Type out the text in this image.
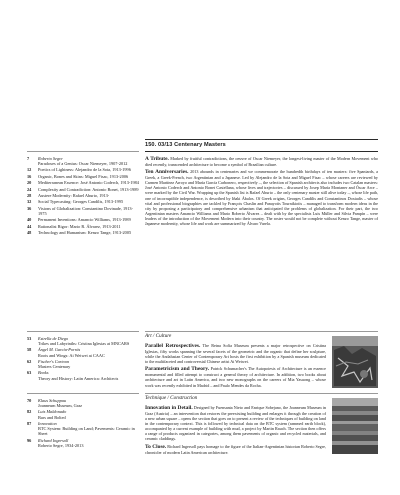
150. 03/13 Centenary Masters
7	Roberto Segre
Paradoxes of a Genius: Oscar Niemeyer, 1907-2012
12	Poetics of Lightness: Alejandro de la Sota, 1913-1996
16	Organic, Bones and Skins: Miguel Fisac, 1913-2006
20	Mediterranean Essence: José Antonio Coderch, 1913-1984
24	Complexity and Contradiction: Antonio Bonet, 1913-1989
28	Austere Modernity: Rafael Aburto, 1913-
32	Social Typecasting: Georges Candilis, 1913-1995
36	Visions of Globalization: Constantino Dovinade, 1913-1975
40	Permanent Inventions: Amancio Williams, 1913-1989
44	Rationalist Rigor: Mario R. Álvarez, 1913-2011
48	Technology and Humanism: Kenzo Tange, 1913-2005
53	Estrella de Diego
Trikes and Labyrinths: Cristina Iglesias at MNCARS
58	Ángel M. García-Porrás
Roots and Wings: Ai Weiwei at CAAC
62	Fischer's Cartoon
Masters Centenary
63	Books
Theory and History: Latin America: Architects
70	Klaus Schuppau
Joanneum Museum, Graz
82	Luis Maldonado
Bars and Bolted
87	Innovation
BTC System: Building on Land; Pavements: Ceramic in Sheet
96	Richard Ingersoll
Roberto Segre, 1934-2013

A Tribute. Marked by fruitful contradictions, the oeuvre of Oscar Niemeyer, the longest-living master of the Modern Movement who died recently, transcended architecture to become a symbol of Brazilian culture.

Ten Anniversaries. 2013 abounds in centenaries and we commemorate the hundredth birthdays of ten masters: five Spaniards, a Greek, a Greek-French, two Argentinian and a Japanese. Led by Alejandro de la Sota and Miguel Fisac – whose careers are reviewed by Carmen Martínez Arroyo and María García Carbonero, respectively –, the selection of Spanish architects also includes two Catalan masters: José Antonio Coderch and Antonio Bonet Castellana, whose lives and trajectories – discussed by Josep María Montaner and Óscar Arce – were marked by the Civil War. Wrapping up the Spanish list is Rafael Aburto – the only centenary master still alive today –, whose life path, one of incorruptible independence, is described by Iñaki Ábalos. Of Greek origins, Georges Candilis and Constantinos Doxiadis – whose vital and professional biographies are tackled by François Chaslin and Panayotis Tournikiotis – managed to transform modern ideas in the city by proposing a participatory and comprehensive urbanism that anticipated the problems of globalization. For their part, the two Argentinian masters Amancio Williams and Mario Roberto Álvarez – dealt with by the specialists Luis Müller and Silvia Pampín – were leaders of the introduction of the Movement Modern into their country. The roster would not be complete without Kenzo Tange, master of Japanese modernity, whose life and work are summarized by Álvaro Varela.

Art / Culture

Parallel Retrospectives. The Reina Sofía Museum presents a major retrospective on Cristina Iglesias, fifty works spanning the several facets of the geometric and the organic that define her sculpture, while the Andalusian Center of Contemporary Art hosts the first exhibition by a Spanish museum dedicated to the multifaceted and controversial Chinese artist Ai Weiwei.

Parametricism and Theory. Patrick Schumacher's The Autopoiesis of Architecture is an essence monumental and filled attempt to construct a general theory of architecture. In addition, two books about architecture and art in Latin America, and two new monographs on the careers of Mia Yasuong – whose work was recently exhibited in Madrid – and Paulo Mendes da Rocha.

Technique / Construction

Innovation in Detail. Designed by Fuensanta Nieto and Enrique Sobejano, the Joanneum Museum in Graz (Austria) – an intervention that restores the preexisting building and enlarges it through the creation of a new urban square – opens the section that goes on to present a review of the techniques of building on land in the contemporary context. This is followed by technical data on the BTC system (rammed earth block), accompanied by a current example of building with mud, a project by Martin Rauch. The section then offers a range of products organized in categories, among them pavements of organic and recycled materials, and ceramic claddings.

To Close. Richard Ingersoll pays homage to the figure of the Italian-Argentinian historian Roberto Segre, chronicler of modern Latin American architecture.
